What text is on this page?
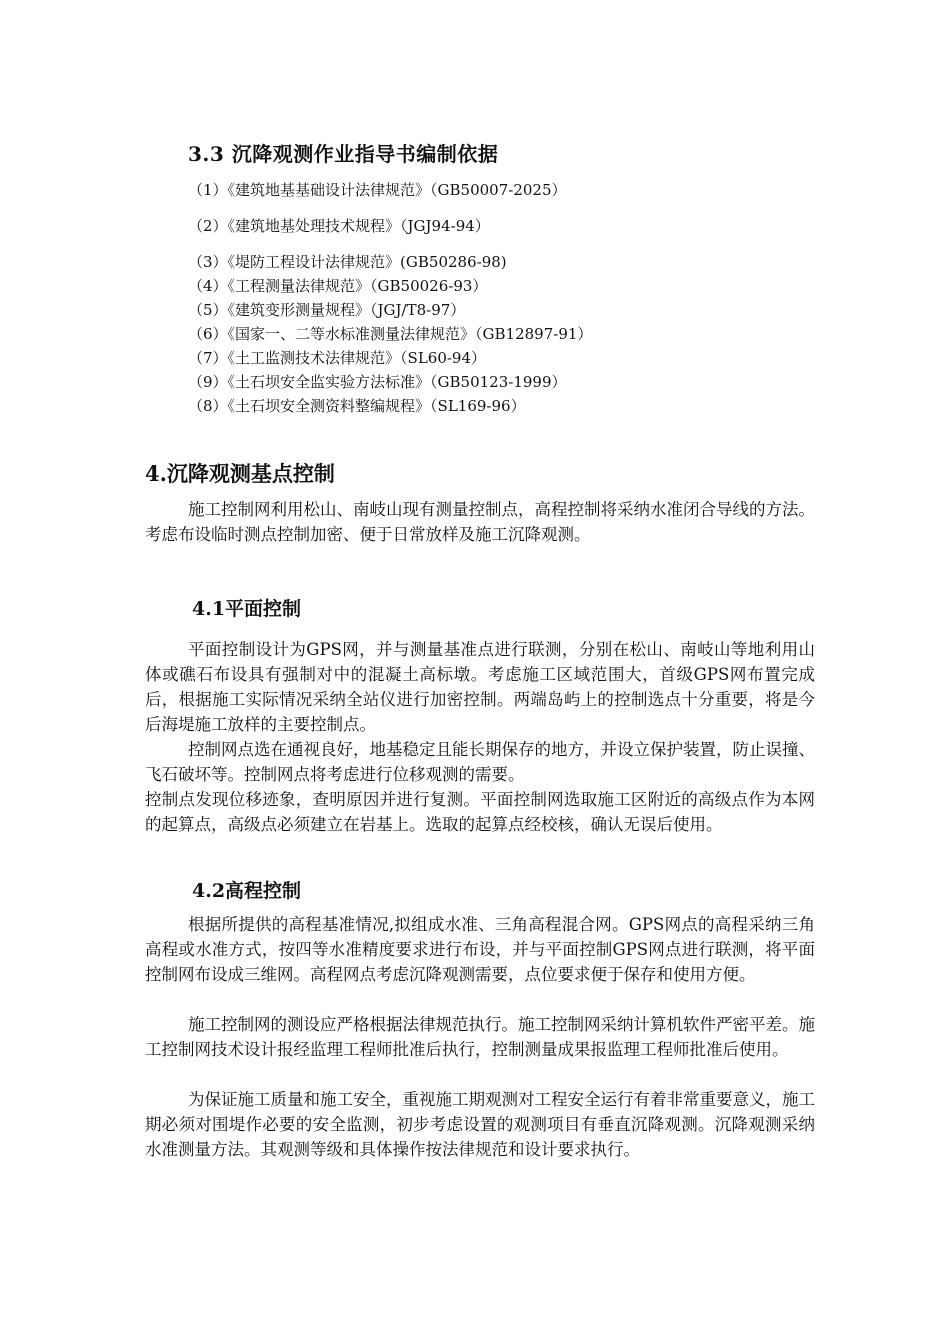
3.3 沉降观测作业指导书编制依据
（1）《建筑地基基础设计法律规范》（GB50007-2025）
（2）《建筑地基处理技术规程》（JGJ94-94）
（3）《堤防工程设计法律规范》(GB50286-98)
（4）《工程测量法律规范》（GB50026-93）
（5）《建筑变形测量规程》（JGJ/T8-97）
（6）《国家一、二等水标准测量法律规范》（GB12897-91）
（7）《土工监测技术法律规范》（SL60-94）
（9）《土石坝安全监实验方法标准》（GB50123-1999）
（8）《土石坝安全测资料整编规程》（SL169-96）
4.沉降观测基点控制
施工控制网利用松山、南岐山现有测量控制点，高程控制将采纳水准闭合导线的方法。考虑布设临时测点控制加密、便于日常放样及施工沉降观测。
4.1平面控制
平面控制设计为GPS网，并与测量基准点进行联测，分别在松山、南岐山等地利用山体或礁石布设具有强制对中的混凝土高标墩。考虑施工区域范围大，首级GPS网布置完成后，根据施工实际情况采纳全站仪进行加密控制。两端岛屿上的控制选点十分重要，将是今后海堤施工放样的主要控制点。
控制网点选在通视良好，地基稳定且能长期保存的地方，并设立保护装置，防止误撞、飞石破坏等。控制网点将考虑进行位移观测的需要。
控制点发现位移迹象，查明原因并进行复测。平面控制网选取施工区附近的高级点作为本网的起算点，高级点必须建立在岩基上。选取的起算点经校核，确认无误后使用。
4.2高程控制
根据所提供的高程基准情况,拟组成水准、三角高程混合网。GPS网点的高程采纳三角高程或水准方式，按四等水准精度要求进行布设，并与平面控制GPS网点进行联测，将平面控制网布设成三维网。高程网点考虑沉降观测需要，点位要求便于保存和使用方便。
施工控制网的测设应严格根据法律规范执行。施工控制网采纳计算机软件严密平差。施工控制网技术设计报经监理工程师批准后执行，控制测量成果报监理工程师批准后使用。
为保证施工质量和施工安全，重视施工期观测对工程安全运行有着非常重要意义，施工期必须对围堤作必要的安全监测，初步考虑设置的观测项目有垂直沉降观测。沉降观测采纳水准测量方法。其观测等级和具体操作按法律规范和设计要求执行。
